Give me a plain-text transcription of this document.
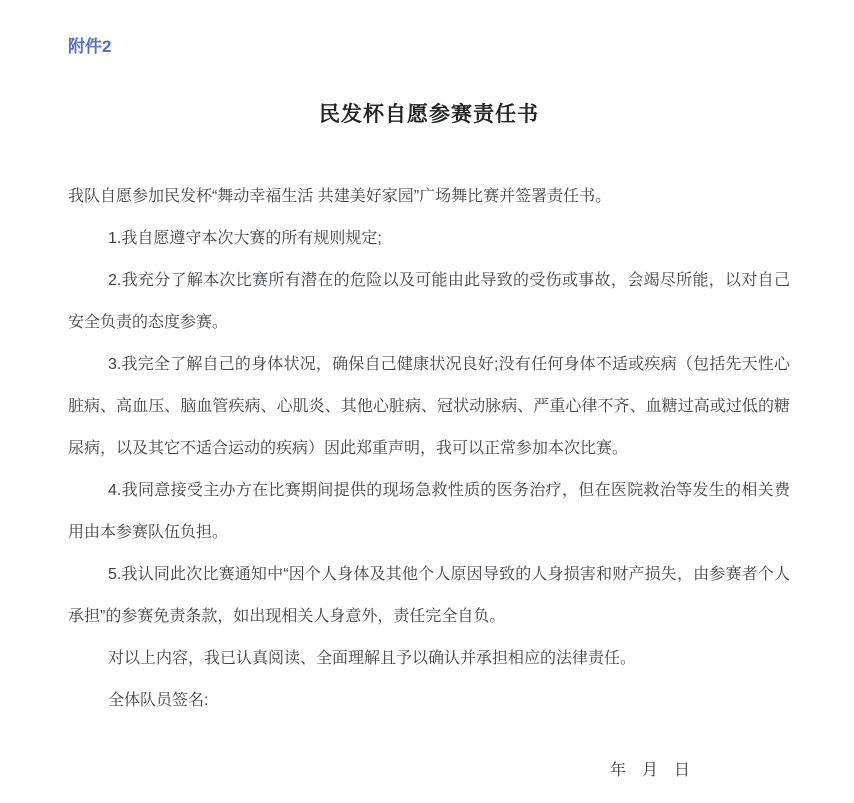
附件2

民发杯自愿参赛责任书

我队自愿参加民发杯“舞动幸福生活 共建美好家园”广场舞比赛并签署责任书。

1.我自愿遵守本次大赛的所有规则规定;

2.我充分了解本次比赛所有潜在的危险以及可能由此导致的受伤或事故，会竭尽所能，以对自己安全负责的态度参赛。

3.我完全了解自己的身体状况，确保自己健康状况良好;没有任何身体不适或疾病（包括先天性心脏病、高血压、脑血管疾病、心肌炎、其他心脏病、冠状动脉病、严重心律不齐、血糖过高或过低的糖尿病，以及其它不适合运动的疾病）因此郑重声明，我可以正常参加本次比赛。

4.我同意接受主办方在比赛期间提供的现场急救性质的医务治疗，但在医院救治等发生的相关费用由本参赛队伍负担。

5.我认同此次比赛通知中“因个人身体及其他个人原因导致的人身损害和财产损失，由参赛者个人承担”的参赛免责条款，如出现相关人身意外，责任完全自负。

对以上内容，我已认真阅读、全面理解且予以确认并承担相应的法律责任。

全体队员签名:

年　月　日
